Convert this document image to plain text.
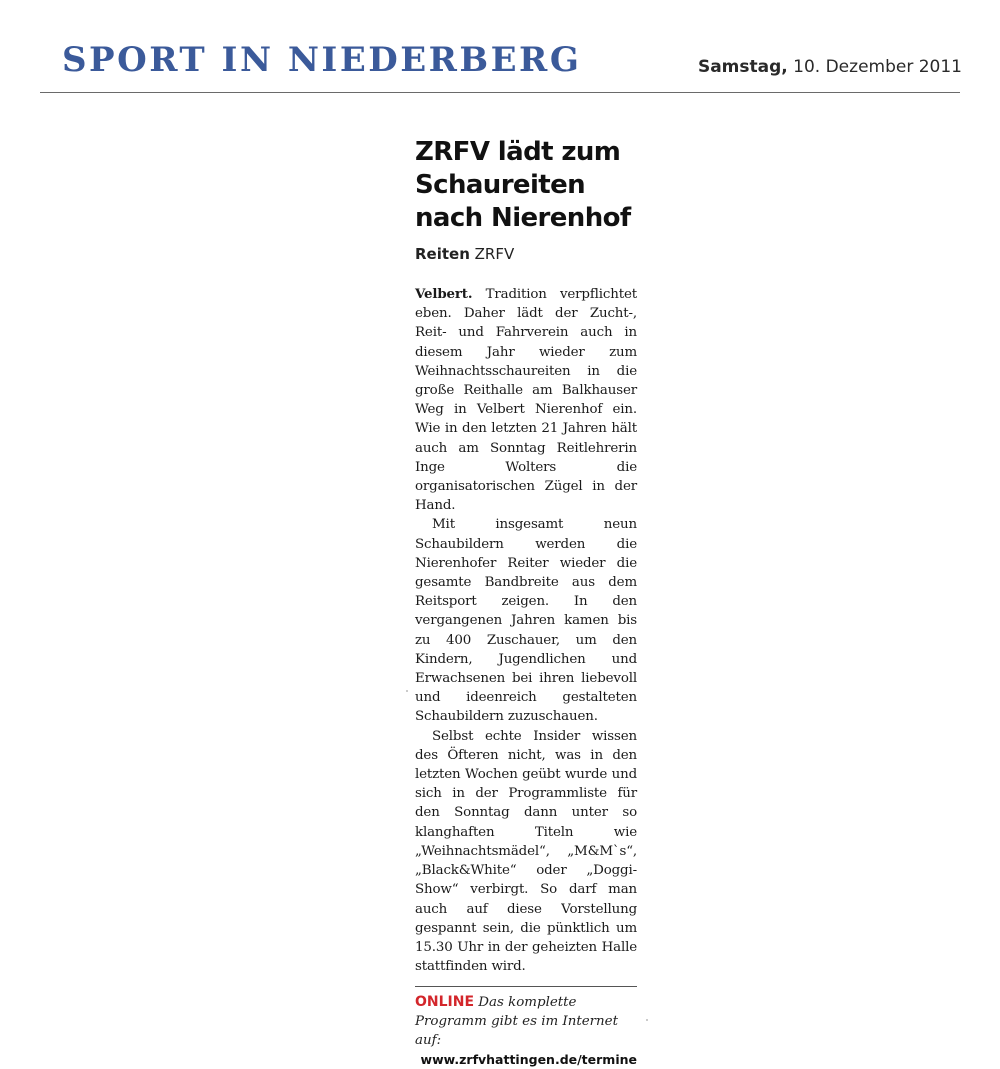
SPORT IN NIEDERBERG	Samstag, 10. Dezember 2011
ZRFV lädt zum Schaureiten nach Nierenhof
Reiten ZRFV

Velbert. Tradition verpflichtet eben. Daher lädt der Zucht-, Reit- und Fahrverein auch in diesem Jahr wieder zum Weihnachtsschaureiten in die große Reithalle am Balkhauser Weg in Velbert Nierenhof ein. Wie in den letzten 21 Jahren hält auch am Sonntag Reitlehrerin Inge Wolters die organisatorischen Zügel in der Hand.

Mit insgesamt neun Schaubildern werden die Nierenhofer Reiter wieder die gesamte Bandbreite aus dem Reitsport zeigen. In den vergangenen Jahren kamen bis zu 400 Zuschauer, um den Kindern, Jugendlichen und Erwachsenen bei ihren liebevoll und ideenreich gestalteten Schaubildern zuzuschauen.

Selbst echte Insider wissen des Öfteren nicht, was in den letzten Wochen geübt wurde und sich in der Programmliste für den Sonntag dann unter so klanghaften Titeln wie „Weihnachtsmädel“, „M&M`s“, „Black&White“ oder „Doggi-Show“ verbirgt. So darf man auch auf diese Vorstellung gespannt sein, die pünktlich um 15.30 Uhr in der geheizten Halle stattfinden wird.

ONLINE Das komplette Programm gibt es im Internet auf:
www.zrfvhattingen.de/termine
